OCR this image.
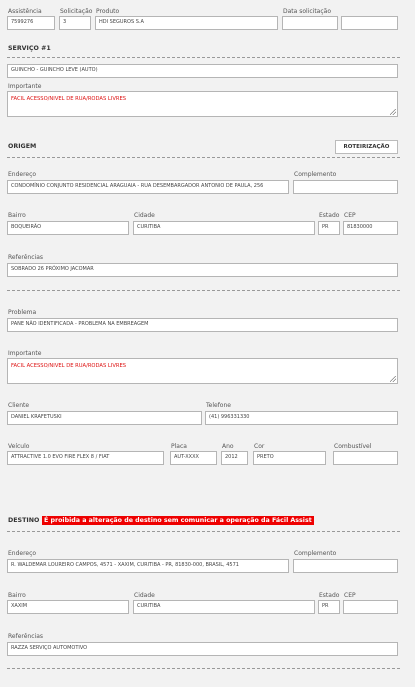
Assistência
7599276
Solicitação
3
Produto
HDI SEGUROS S.A
Data solicitação
SERVIÇO #1
GUINCHO - GUINCHO LEVE (AUTO)
Importante
FACIL ACESSO/NIVEL DE RUA/RODAS LIVRES
ORIGEM	ROTEIRIZAÇÃO
Endereço
CONDOMÍNIO CONJUNTO RESIDENCIAL ARAGUAIA - RUA DESEMBARGADOR ANTONIO DE PAULA, 256
Complemento
Bairro
BOQUEIRÃO
Cidade
CURITIBA
Estado
PR
CEP
81830000
Referências
SOBRADO 26 PRÓXIMO JACOMAR
Problema
PANE NÃO IDENTIFICADA - PROBLEMA NA EMBREAGEM
Importante
FACIL ACESSO/NIVEL DE RUA/RODAS LIVRES
Cliente
DANIEL KRAFETUSKI
Telefone
(41) 996331330
Veículo
ATTRACTIVE 1.0 EVO FIRE FLEX 8 / FIAT
Placa
AUT-XXXX
Ano
2012
Cor
PRETO
Combustível
DESTINO É proibida a alteração de destino sem comunicar a operação da Fácil Assist
Endereço
R. WALDEMAR LOUREIRO CAMPOS, 4571 - XAXIM, CURITIBA - PR, 81830-000, BRASIL, 4571
Complemento
Bairro
XAXIM
Cidade
CURITIBA
Estado
PR
CEP
Referências
RAZZA SERVIÇO AUTOMOTIVO
